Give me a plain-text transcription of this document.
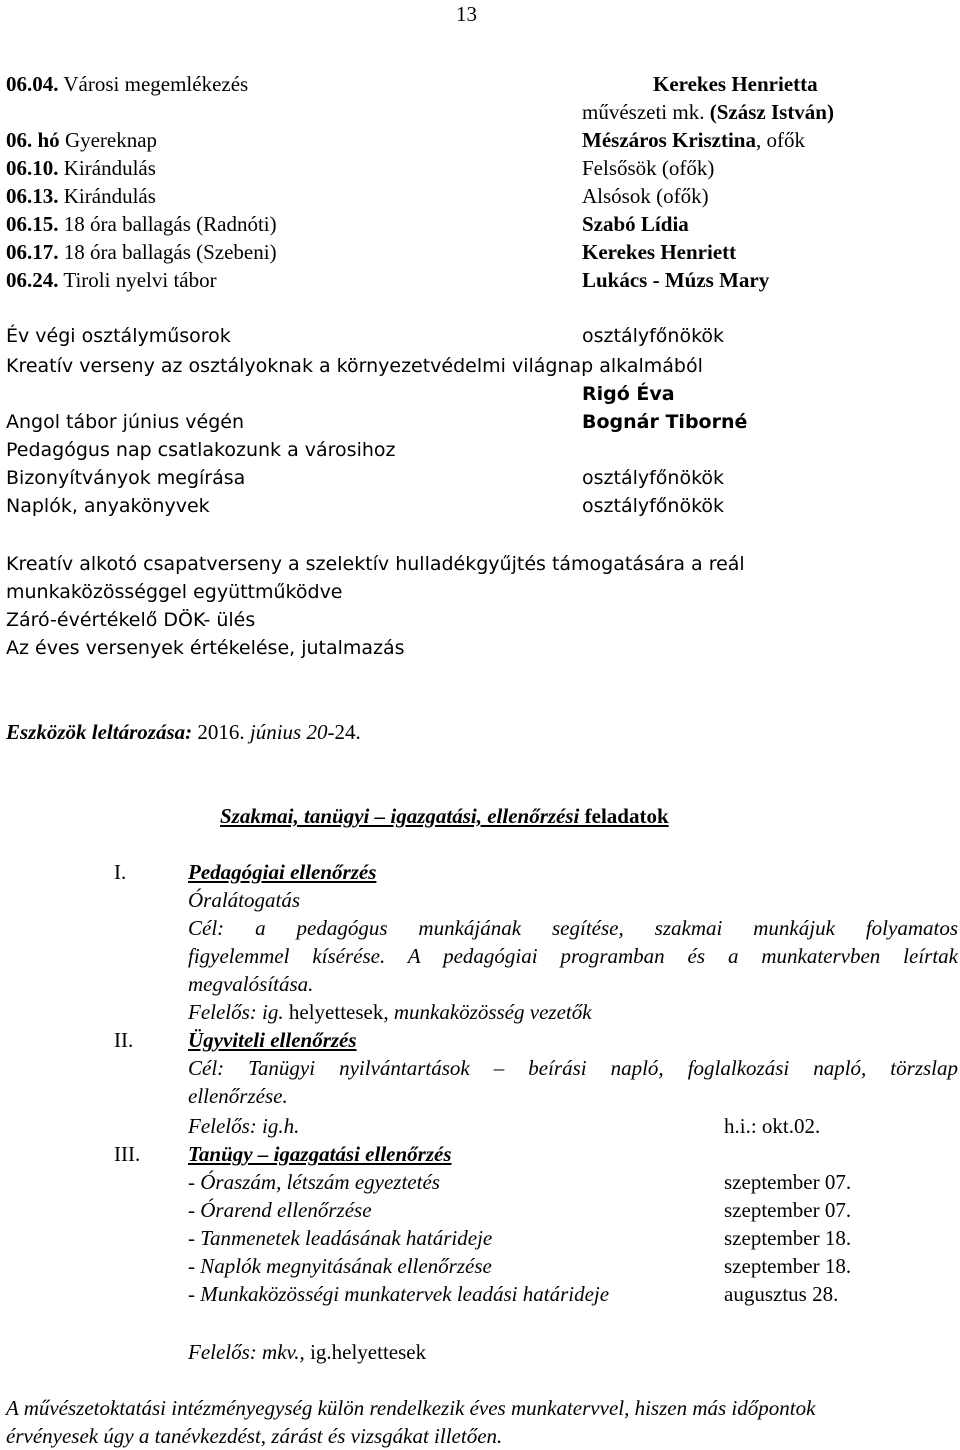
13
06.04. Városi megemlékezés	Kerekes Henrietta
művészeti mk. (Szász István)
06. hó Gyereknap	Mészáros Krisztina, ofők
06.10. Kirándulás	Felsősök (ofők)
06.13. Kirándulás	Alsósok (ofők)
06.15. 18 óra ballagás (Radnóti)	Szabó Lídia
06.17. 18 óra ballagás (Szebeni)	Kerekes Henriett
06.24. Tiroli nyelvi tábor	Lukács - Múzs Mary
Év végi osztályműsorok	osztályfőnökök
Kreatív verseny az osztályoknak a környezetvédelmi világnap alkalmából
Rigó Éva
Angol tábor június végén	Bognár Tiborné
Pedagógus nap csatlakozunk a városihoz
Bizonyítványok megírása	osztályfőnökök
Naplók, anyakönyvek	osztályfőnökök
Kreatív alkotó csapatverseny a szelektív hulladékgyűjtés támogatására a reál
munkaközösséggel együttműködve
Záró-évértékelő DÖK- ülés
Az éves versenyek értékelése, jutalmazás
Eszközök leltározása: 2016. június 20-24.
Szakmai, tanügyi – igazgatási, ellenőrzési feladatok
I.	Pedagógiai ellenőrzés
Óralátogatás
Cél: a pedagógus munkájának segítése, szakmai munkájuk folyamatos
figyelemmel kísérése. A pedagógiai programban és a munkatervben leírtak
megvalósítása.
Felelős: ig. helyettesek, munkaközösség vezetők
II.	Ügyviteli ellenőrzés
Cél: Tanügyi nyilvántartások – beírási napló, foglalkozási napló, törzslap
ellenőrzése.
Felelős: ig.h.	h.i.: okt.02.
III. Tanügy – igazgatási ellenőrzés
- Óraszám, létszám egyeztetés	szeptember 07.
- Órarend ellenőrzése	szeptember 07.
- Tanmenetek leadásának határideje	szeptember 18.
- Naplók megnyitásának ellenőrzése	szeptember 18.
- Munkaközösségi munkatervek leadási határideje	augusztus 28.
Felelős: mkv., ig.helyettesek
A művészetoktatási intézményegység külön rendelkezik éves munkatervvel, hiszen más időpontok
érvényesek úgy a tanévkezdést, zárást és vizsgákat illetően.
